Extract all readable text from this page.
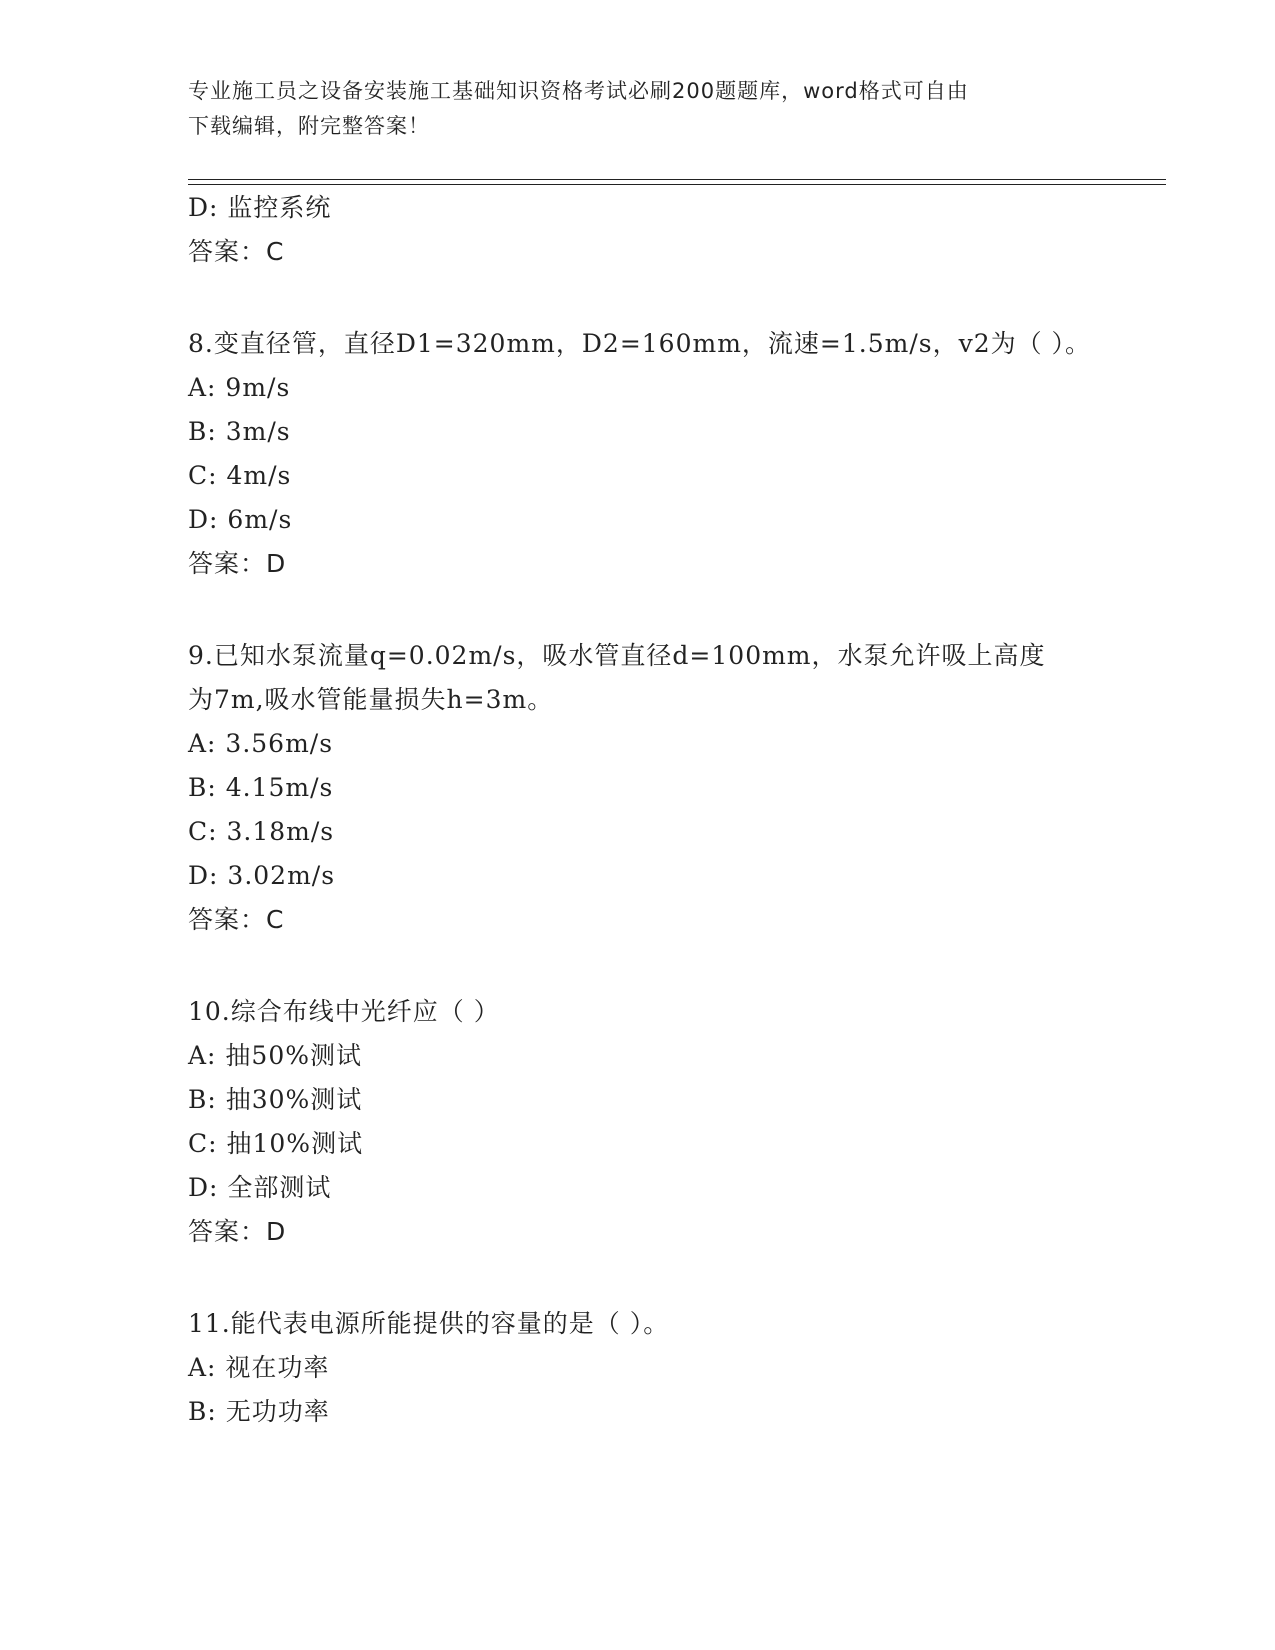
专业施工员之设备安装施工基础知识资格考试必刷200题题库，word格式可自由
下载编辑，附完整答案！
D: 监控系统
答案：C
8.变直径管，直径D1=320mm，D2=160mm，流速=1.5m/s，v2为（ ）。
A: 9m/s
B: 3m/s
C: 4m/s
D: 6m/s
答案：D
9.已知水泵流量q=0.02m/s，吸水管直径d=100mm，水泵允许吸上高度
为7m,吸水管能量损失h=3m。
A: 3.56m/s
B: 4.15m/s
C: 3.18m/s
D: 3.02m/s
答案：C
10.综合布线中光纤应（ ）
A: 抽50%测试
B: 抽30%测试
C: 抽10%测试
D: 全部测试
答案：D
11.能代表电源所能提供的容量的是（ ）。
A: 视在功率
B: 无功功率
